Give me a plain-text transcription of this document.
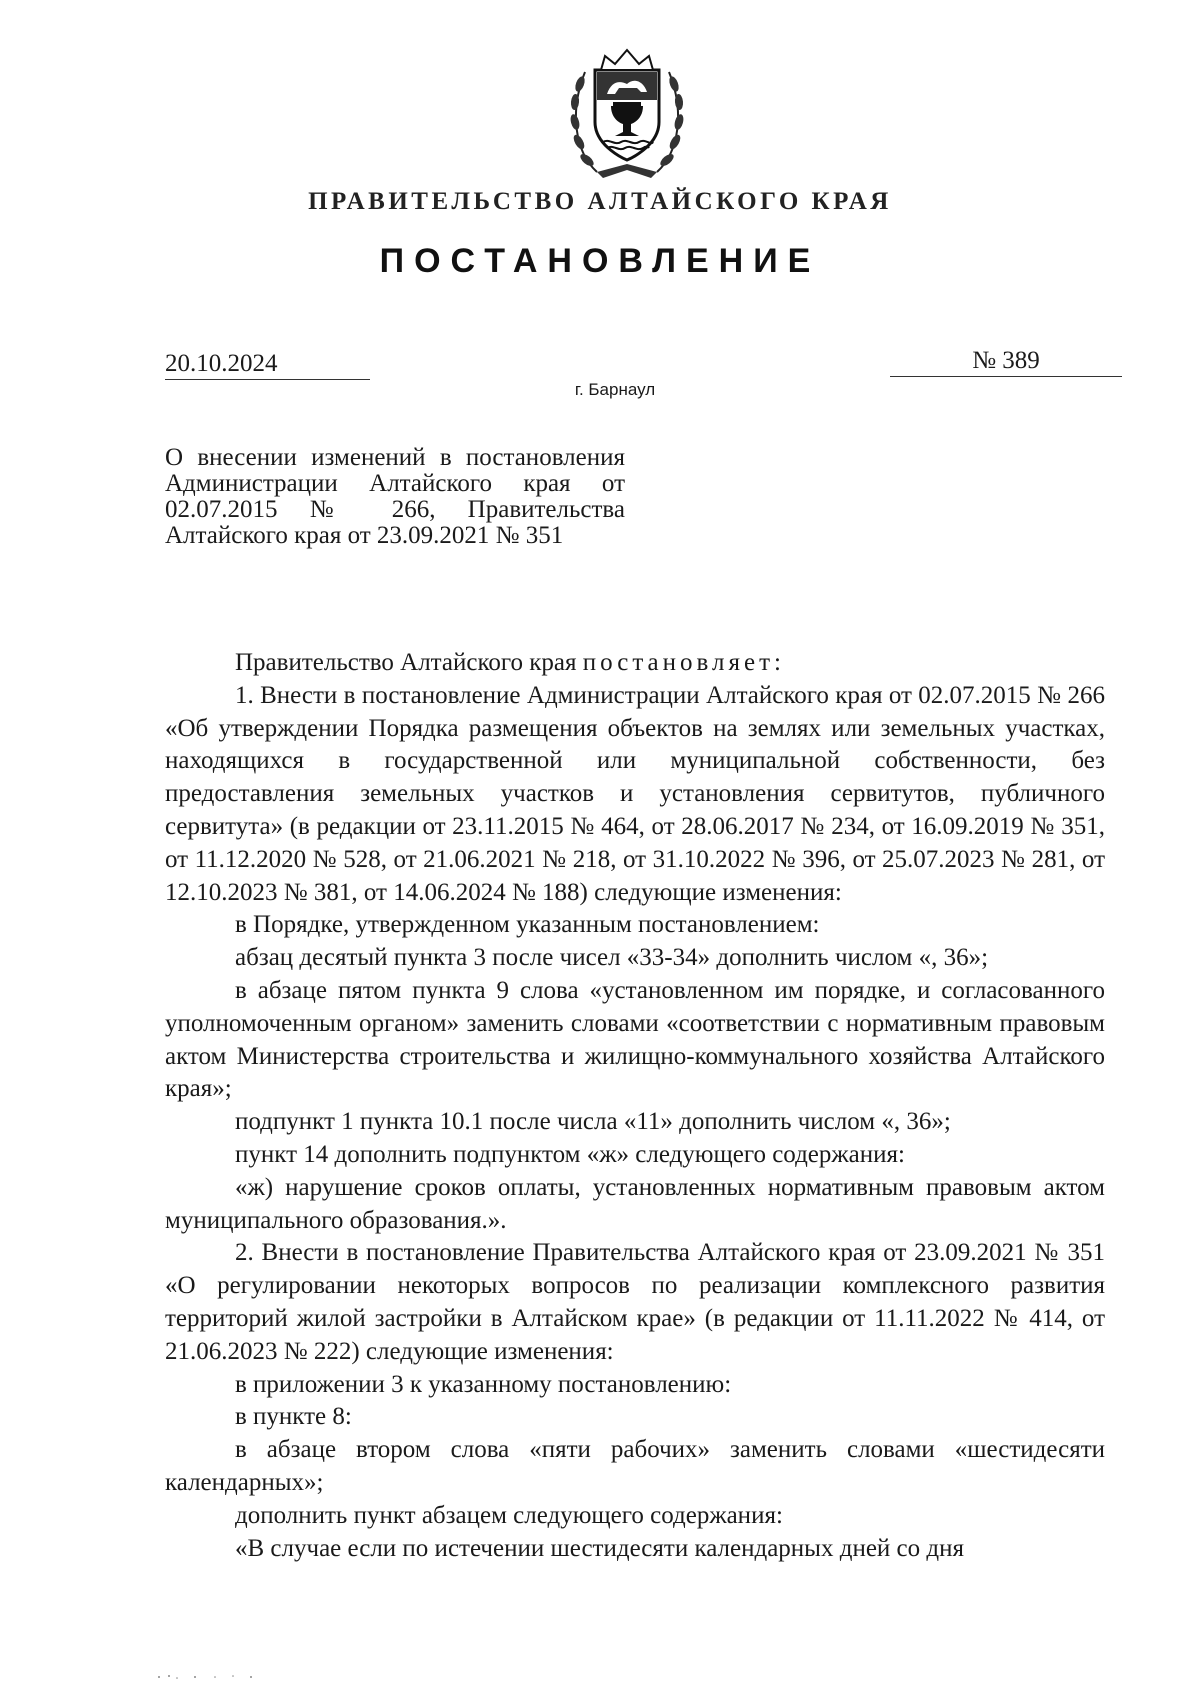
ПРАВИТЕЛЬСТВО АЛТАЙСКОГО КРАЯ
ПОСТАНОВЛЕНИЕ
20.10.2024	№ 389
г. Барнаул
О внесении изменений в постановления Администрации Алтайского края от 02.07.2015 № 266, Правительства Алтайского края от 23.09.2021 № 351

Правительство Алтайского края постановляет:

1. Внести в постановление Администрации Алтайского края от 02.07.2015 № 266 «Об утверждении Порядка размещения объектов на землях или земельных участках, находящихся в государственной или муниципальной собственности, без предоставления земельных участков и установления сервитутов, публичного сервитута» (в редакции от 23.11.2015 № 464, от 28.06.2017 № 234, от 16.09.2019 № 351, от 11.12.2020 № 528, от 21.06.2021 № 218, от 31.10.2022 № 396, от 25.07.2023 № 281, от 12.10.2023 № 381, от 14.06.2024 № 188) следующие изменения:

в Порядке, утвержденном указанным постановлением:

абзац десятый пункта 3 после чисел «33-34» дополнить числом «, 36»;

в абзаце пятом пункта 9 слова «установленном им порядке, и согласованного уполномоченным органом» заменить словами «соответствии с нормативным правовым актом Министерства строительства и жилищно-коммунального хозяйства Алтайского края»;

подпункт 1 пункта 10.1 после числа «11» дополнить числом «, 36»;

пункт 14 дополнить подпунктом «ж» следующего содержания:

«ж) нарушение сроков оплаты, установленных нормативным правовым актом муниципального образования.».

2. Внести в постановление Правительства Алтайского края от 23.09.2021 № 351 «О регулировании некоторых вопросов по реализации комплексного развития территорий жилой застройки в Алтайском крае» (в редакции от 11.11.2022 № 414, от 21.06.2023 № 222) следующие изменения:

в приложении 3 к указанному постановлению:

в пункте 8:

в абзаце втором слова «пяти рабочих» заменить словами «шестидесяти календарных»;

дополнить пункт абзацем следующего содержания:

«В случае если по истечении шестидесяти календарных дней со дня
